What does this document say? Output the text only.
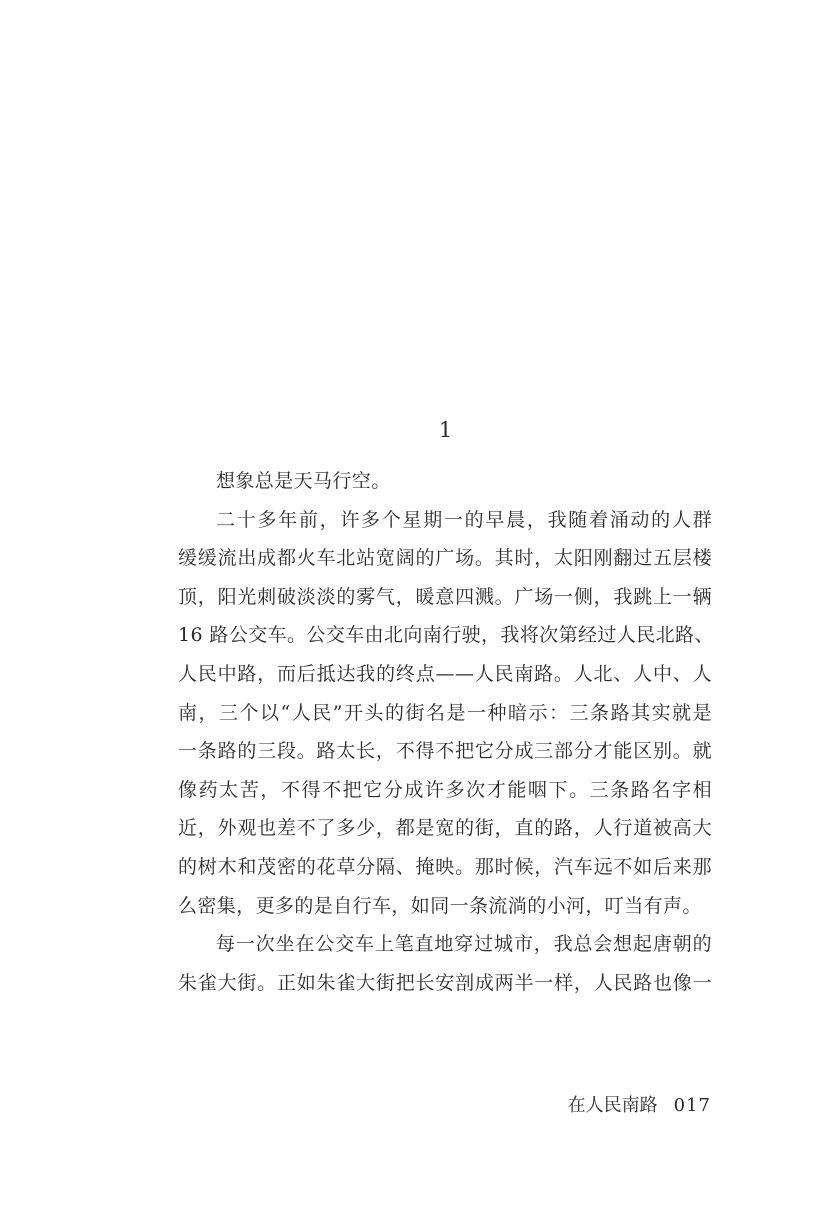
1

想象总是天马行空。

二十多年前，许多个星期一的早晨，我随着涌动的人群
缓缓流出成都火车北站宽阔的广场。其时，太阳刚翻过五层楼
顶，阳光刺破淡淡的雾气，暖意四溅。广场一侧，我跳上一辆
16 路公交车。公交车由北向南行驶，我将次第经过人民北路、
人民中路，而后抵达我的终点——人民南路。人北、人中、人
南，三个以“人民”开头的街名是一种暗示：三条路其实就是
一条路的三段。路太长，不得不把它分成三部分才能区别。就
像药太苦，不得不把它分成许多次才能咽下。三条路名字相
近，外观也差不了多少，都是宽的街，直的路，人行道被高大
的树木和茂密的花草分隔、掩映。那时候，汽车远不如后来那
么密集，更多的是自行车，如同一条流淌的小河，叮当有声。

每一次坐在公交车上笔直地穿过城市，我总会想起唐朝的
朱雀大街。正如朱雀大街把长安剖成两半一样，人民路也像一

在人民南路 017
